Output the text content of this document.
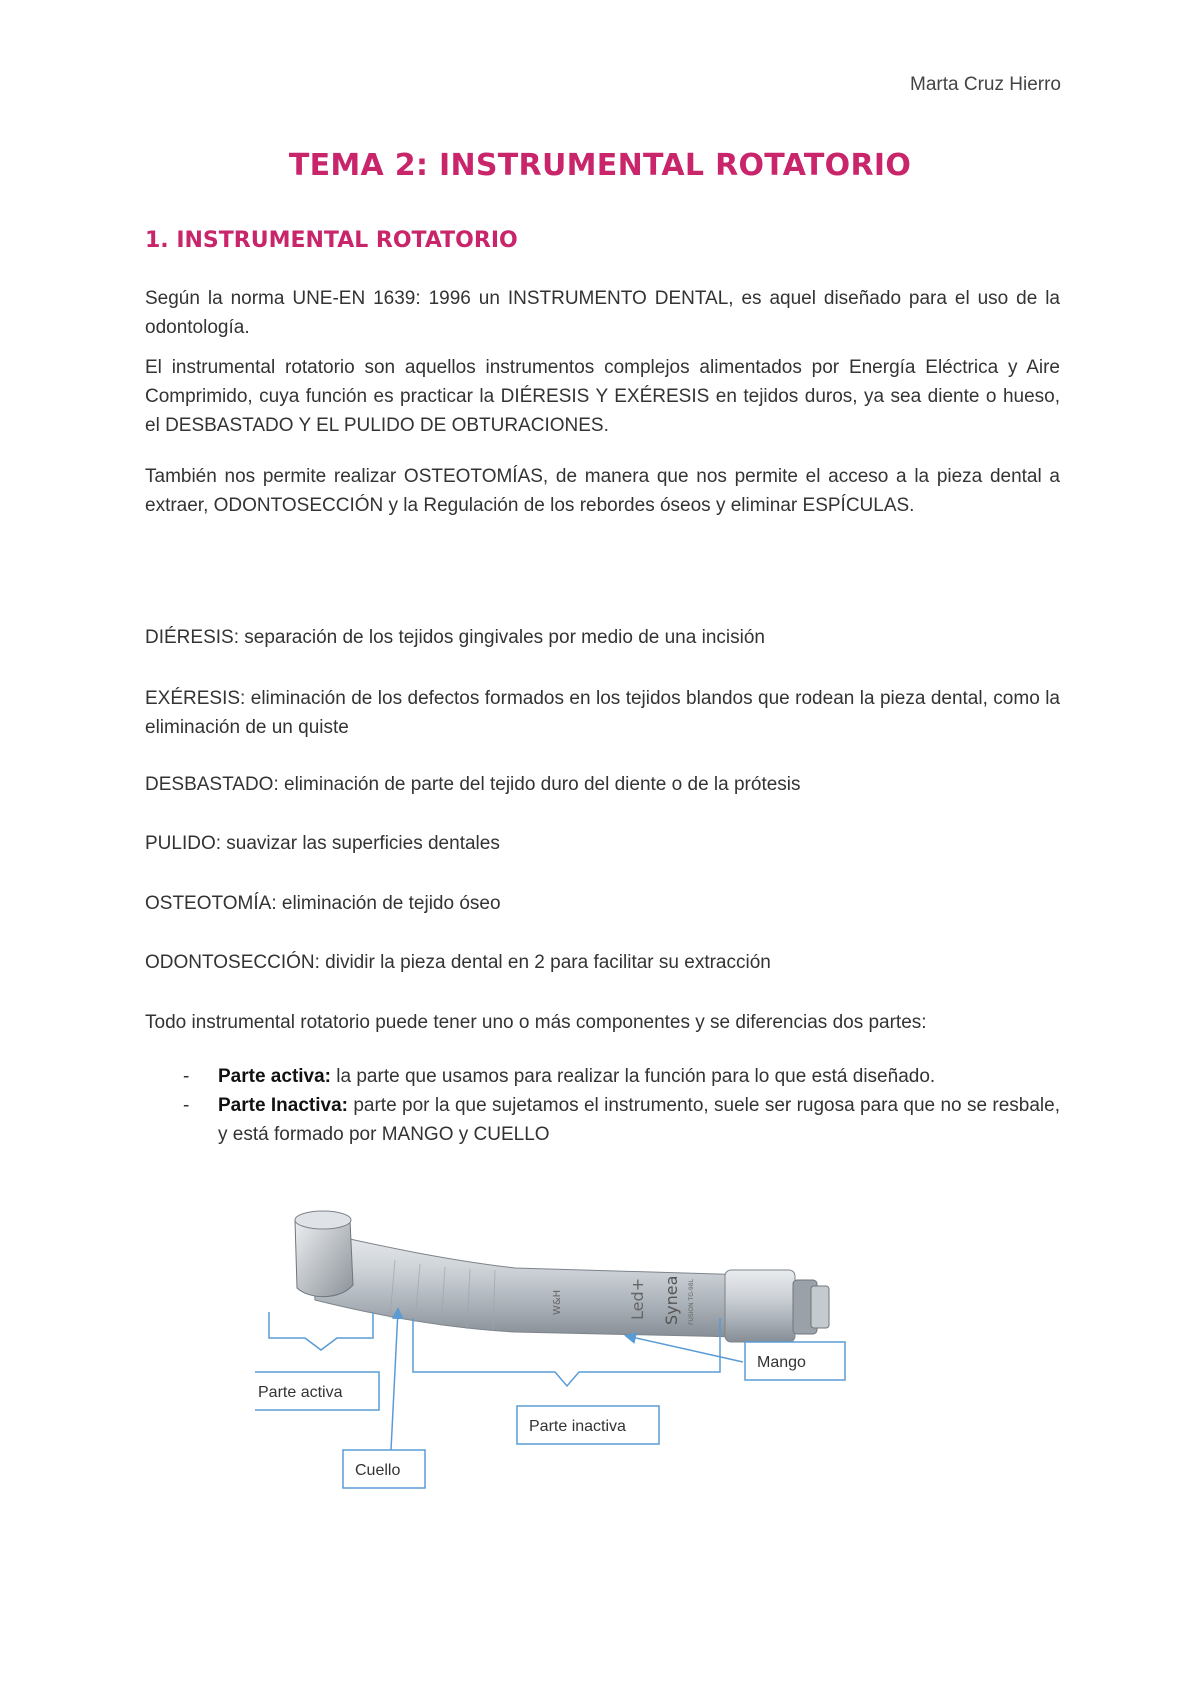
Marta Cruz Hierro
TEMA 2: INSTRUMENTAL ROTATORIO
1. INSTRUMENTAL ROTATORIO

Según la norma UNE-EN 1639: 1996 un INSTRUMENTO DENTAL, es aquel diseñado para el uso de la odontología.

El instrumental rotatorio son aquellos instrumentos complejos alimentados por Energía Eléctrica y Aire Comprimido, cuya función es practicar la DIÉRESIS Y EXÉRESIS en tejidos duros, ya sea diente o hueso, el DESBASTADO Y EL PULIDO DE OBTURACIONES.

También nos permite realizar OSTEOTOMÍAS, de manera que nos permite el acceso a la pieza dental a extraer, ODONTOSECCIÓN y la Regulación de los rebordes óseos y eliminar ESPÍCULAS.

DIÉRESIS: separación de los tejidos gingivales por medio de una incisión

EXÉRESIS: eliminación de los defectos formados en los tejidos blandos que rodean la pieza dental, como la eliminación de un quiste

DESBASTADO: eliminación de parte del tejido duro del diente o de la prótesis

PULIDO: suavizar las superficies dentales

OSTEOTOMÍA: eliminación de tejido óseo

ODONTOSECCIÓN: dividir la pieza dental en 2 para facilitar su extracción

Todo instrumental rotatorio puede tener uno o más componentes y se diferencias dos partes:

- Parte activa: la parte que usamos para realizar la función para lo que está diseñado.
- Parte Inactiva: parte por la que sujetamos el instrumento, suele ser rugosa para que no se resbale, y está formado por MANGO y CUELLO
W&H	Led+ Synea FUSION TG-98L
Parte activa
Parte inactiva
Cuello
Mango
